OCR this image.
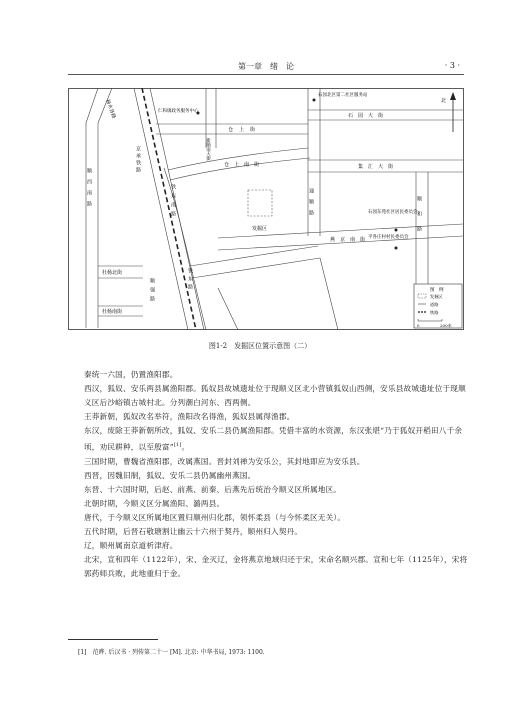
第一章　绪　论	· 3 ·
杨木各路
顺西南路
京承铁路
仁和镇政务服务中心
仓上街
新顺南大街
仓上南街
石园北区第二社区服务站
石园大街
集汇大街
铁东南路
发掘区
通顺路
燕京南街	顺和路
石园东苑社区居民委员会
平各庄村村民委员会
杜杨北街
杜杨南街
顺强路	铁东路
北
图　例
发掘区
道路
铁路
0	200米
图1-2　发掘区位置示意图（二）
秦统一六国，仍置渔阳郡。
西汉，狐奴、安乐两县属渔阳郡。狐奴县故城遗址位于现顺义区北小营镇狐奴山西侧，安乐县故城遗址位于现顺义区后沙峪镇古城村北。分列潮白河东、西两侧。
王莽新朝，狐奴改名举符，渔阳改名得渔，狐奴县属得渔郡。
东汉，废除王莽新朝所改，狐奴、安乐二县仍属渔阳郡。凭借丰富的水资源，东汉张堪“乃于狐奴开稻田八千余顷，劝民耕种，以至殷富”[1]。
三国时期，曹魏省渔阳郡，改属燕国。晋封刘禅为安乐公，其封地即应为安乐县。
西晋，因魏旧制，狐奴、安乐二县仍属幽州燕国。
东晋、十六国时期，后赵、前燕、前秦、后燕先后统治今顺义区所属地区。
北朝时期，今顺义区分属渔阳、潞两县。
唐代，于今顺义区所属地区置归顺州归化郡，领怀柔县（与今怀柔区无关）。
五代时期，后晋石敬瑭割让幽云十六州于契丹，顺州归入契丹。
辽，顺州属南京道析津府。
北宋，宣和四年（1122年），宋、金灭辽，金将燕京地域归还于宋，宋命名顺兴郡。宣和七年（1125年），宋将郭药师兵败，此地重归于金。
[1]　范晔. 后汉书 · 列传第二十一 [M]. 北京: 中华书局, 1973: 1100.
